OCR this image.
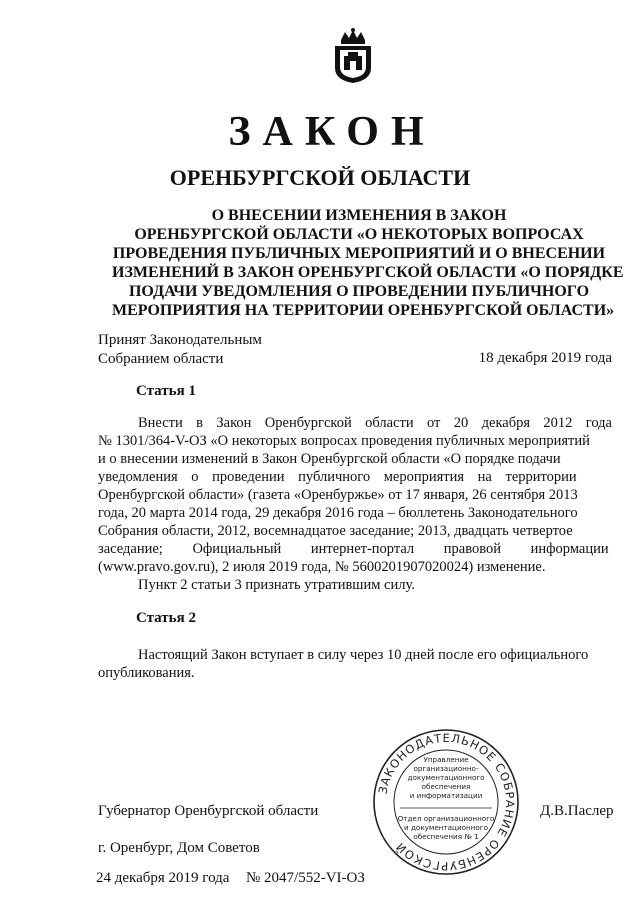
ЗАКОН
ОРЕНБУРГСКОЙ ОБЛАСТИ
О ВНЕСЕНИИ ИЗМЕНЕНИЯ В ЗАКОН
ОРЕНБУРГСКОЙ ОБЛАСТИ «О НЕКОТОРЫХ ВОПРОСАХ
ПРОВЕДЕНИЯ ПУБЛИЧНЫХ МЕРОПРИЯТИЙ И О ВНЕСЕНИИ
ИЗМЕНЕНИЙ В ЗАКОН ОРЕНБУРГСКОЙ ОБЛАСТИ «О ПОРЯДКЕ
ПОДАЧИ УВЕДОМЛЕНИЯ О ПРОВЕДЕНИИ ПУБЛИЧНОГО
МЕРОПРИЯТИЯ НА ТЕРРИТОРИИ ОРЕНБУРГСКОЙ ОБЛАСТИ»
Принят Законодательным
Собранием области	18 декабря 2019 года
Статья 1
Внести в Закон Оренбургской области от 20 декабря 2012 года
№ 1301/364-V-ОЗ «О некоторых вопросах проведения публичных мероприятий
и о внесении изменений в Закон Оренбургской области «О порядке подачи
уведомления о проведении публичного мероприятия на территории
Оренбургской области» (газета «Оренбуржье» от 17 января, 26 сентября 2013
года, 20 марта 2014 года, 29 декабря 2016 года – бюллетень Законодательного
Собрания области, 2012, восемнадцатое заседание; 2013, двадцать четвертое
заседание; Официальный интернет-портал правовой информации
(www.pravo.gov.ru), 2 июля 2019 года, № 5600201907020024) изменение.
Пункт 2 статьи 3 признать утратившим силу.
Статья 2
Настоящий Закон вступает в силу через 10 дней после его официального
опубликования.
ЗАКОНОДАТЕЛЬНОЕ СОБРАНИЕ ОРЕНБУРГСКОЙ
Управление
организационно-
документационного
обеспечения
и информатизации
Отдел организационного
и документационного
обеспечения № 1
Губернатор Оренбургской области	Д.В.Паслер
г. Оренбург, Дом Советов
24 декабря 2019 года № 2047/552-VI-ОЗ
